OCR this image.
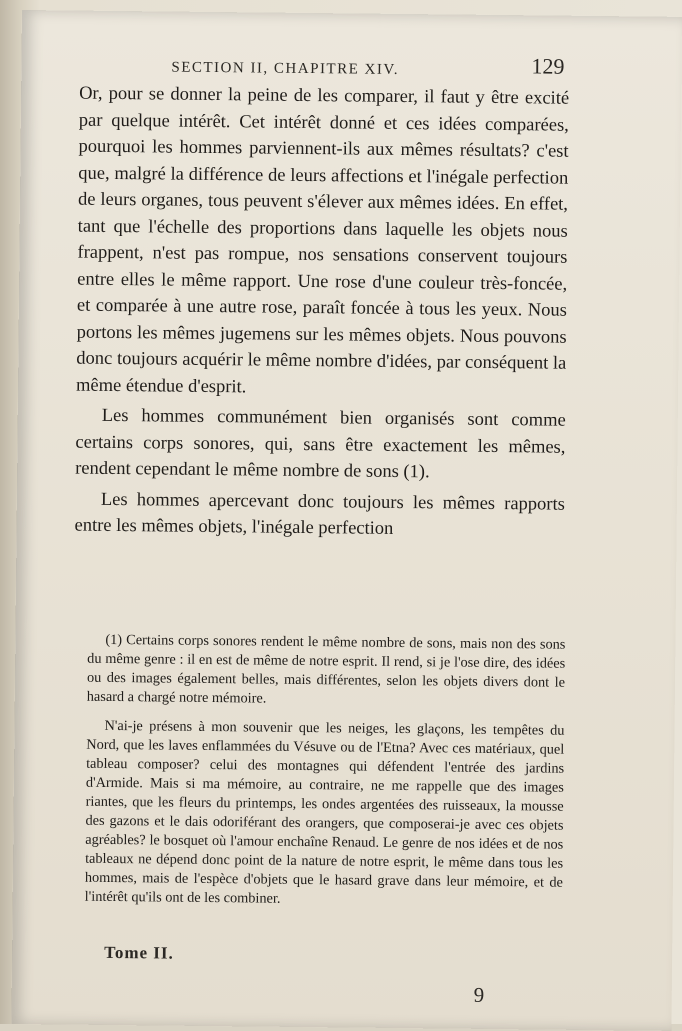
SECTION II, CHAPITRE XIV.	129

Or, pour se donner la peine de les comparer, il faut y être excité par quelque intérêt. Cet intérêt donné et ces idées comparées, pourquoi les hommes parviennent-ils aux mêmes résultats? c'est que, malgré la différence de leurs affections et l'inégale perfection de leurs organes, tous peuvent s'élever aux mêmes idées. En effet, tant que l'échelle des proportions dans laquelle les objets nous frappent, n'est pas rompue, nos sensations conservent toujours entre elles le même rapport. Une rose d'une couleur très-foncée, et comparée à une autre rose, paraît foncée à tous les yeux. Nous portons les mêmes jugemens sur les mêmes objets. Nous pouvons donc toujours acquérir le même nombre d'idées, par conséquent la même étendue d'esprit.

Les hommes communément bien organisés sont comme certains corps sonores, qui, sans être exactement les mêmes, rendent cependant le même nombre de sons (1).

Les hommes apercevant donc toujours les mêmes rapports entre les mêmes objets, l'inégale perfection

(1) Certains corps sonores rendent le même nombre de sons, mais non des sons du même genre : il en est de même de notre esprit. Il rend, si je l'ose dire, des idées ou des images également belles, mais différentes, selon les objets divers dont le hasard a chargé notre mémoire.

N'ai-je présens à mon souvenir que les neiges, les glaçons, les tempêtes du Nord, que les laves enflammées du Vésuve ou de l'Etna? Avec ces matériaux, quel tableau composer? celui des montagnes qui défendent l'entrée des jardins d'Armide. Mais si ma mémoire, au contraire, ne me rappelle que des images riantes, que les fleurs du printemps, les ondes argentées des ruisseaux, la mousse des gazons et le dais odoriférant des orangers, que composerai-je avec ces objets agréables? le bosquet où l'amour enchaîne Renaud. Le genre de nos idées et de nos tableaux ne dépend donc point de la nature de notre esprit, le même dans tous les hommes, mais de l'espèce d'objets que le hasard grave dans leur mémoire, et de l'intérêt qu'ils ont de les combiner.

Tome II.
9
